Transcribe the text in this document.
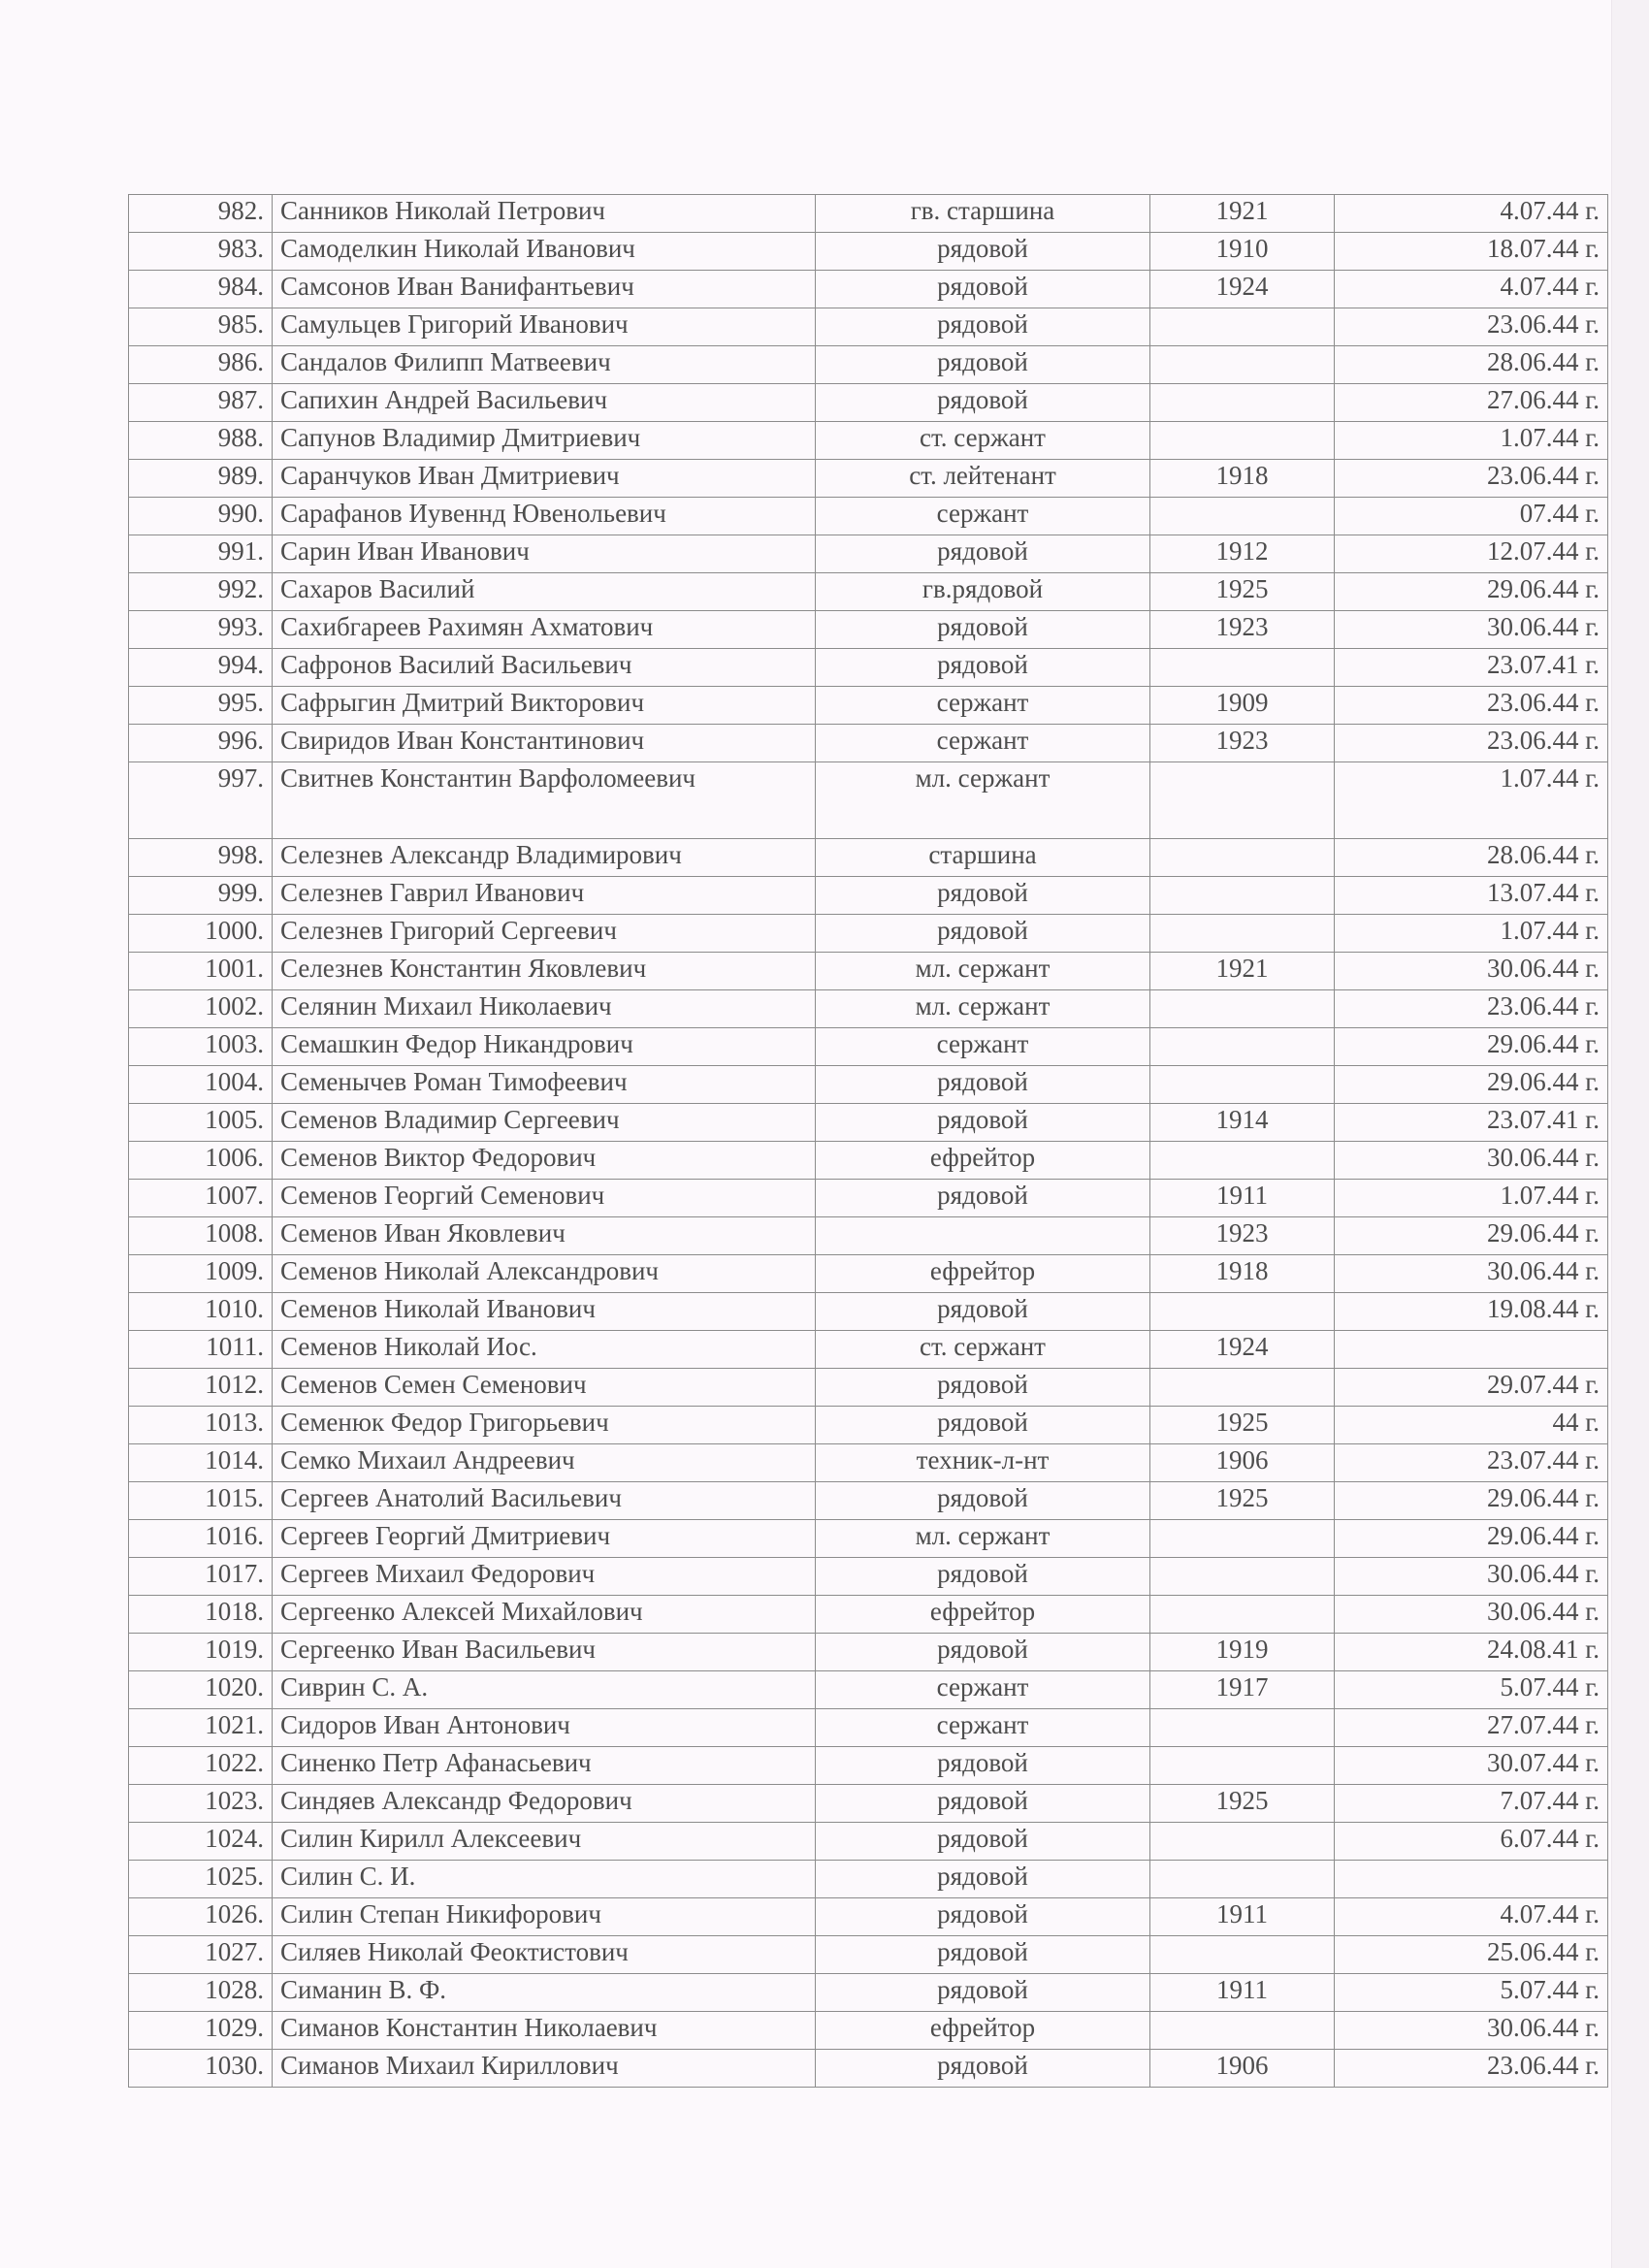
982.	Санников Николай Петрович	гв. старшина	1921	4.07.44 г.
983.	Самоделкин Николай Иванович	рядовой	1910	18.07.44 г.
984.	Самсонов Иван Ванифантьевич	рядовой	1924	4.07.44 г.
985.	Самульцев Григорий Иванович	рядовой		23.06.44 г.
986.	Сандалов Филипп Матвеевич	рядовой		28.06.44 г.
987.	Сапихин Андрей Васильевич	рядовой		27.06.44 г.
988.	Сапунов Владимир Дмитриевич	ст. сержант		1.07.44 г.
989.	Саранчуков Иван Дмитриевич	ст. лейтенант	1918	23.06.44 г.
990.	Сарафанов Иувеннд Ювенольевич	сержант		07.44 г.
991.	Сарин Иван Иванович	рядовой	1912	12.07.44 г.
992.	Сахаров Василий	гв.рядовой	1925	29.06.44 г.
993.	Сахибгареев Рахимян Ахматович	рядовой	1923	30.06.44 г.
994.	Сафронов Василий Васильевич	рядовой		23.07.41 г.
995.	Сафрыгин Дмитрий Викторович	сержант	1909	23.06.44 г.
996.	Свиридов Иван Константинович	сержант	1923	23.06.44 г.
997.	Свитнев Константин Варфоломеевич	мл. сержант		1.07.44 г.
998.	Селезнев Александр Владимирович	старшина		28.06.44 г.
999.	Селезнев Гаврил Иванович	рядовой		13.07.44 г.
1000.	Селезнев Григорий Сергеевич	рядовой		1.07.44 г.
1001.	Селезнев Константин Яковлевич	мл. сержант	1921	30.06.44 г.
1002.	Селянин Михаил Николаевич	мл. сержант		23.06.44 г.
1003.	Семашкин Федор Никандрович	сержант		29.06.44 г.
1004.	Семенычев Роман Тимофеевич	рядовой		29.06.44 г.
1005.	Семенов Владимир Сергеевич	рядовой	1914	23.07.41 г.
1006.	Семенов Виктор Федорович	ефрейтор		30.06.44 г.
1007.	Семенов Георгий Семенович	рядовой	1911	1.07.44 г.
1008.	Семенов Иван Яковлевич		1923	29.06.44 г.
1009.	Семенов Николай Александрович	ефрейтор	1918	30.06.44 г.
1010.	Семенов Николай Иванович	рядовой		19.08.44 г.
1011.	Семенов Николай Иос.	ст. сержант	1924	
1012.	Семенов Семен Семенович	рядовой		29.07.44 г.
1013.	Семенюк Федор Григорьевич	рядовой	1925	44 г.
1014.	Семко Михаил Андреевич	техник-л-нт	1906	23.07.44 г.
1015.	Сергеев Анатолий Васильевич	рядовой	1925	29.06.44 г.
1016.	Сергеев Георгий Дмитриевич	мл. сержант		29.06.44 г.
1017.	Сергеев Михаил Федорович	рядовой		30.06.44 г.
1018.	Сергеенко Алексей Михайлович	ефрейтор		30.06.44 г.
1019.	Сергеенко Иван Васильевич	рядовой	1919	24.08.41 г.
1020.	Сиврин С. А.	сержант	1917	5.07.44 г.
1021.	Сидоров Иван Антонович	сержант		27.07.44 г.
1022.	Синенко Петр Афанасьевич	рядовой		30.07.44 г.
1023.	Синдяев Александр Федорович	рядовой	1925	7.07.44 г.
1024.	Силин Кирилл Алексеевич	рядовой		6.07.44 г.
1025.	Силин С. И.	рядовой		
1026.	Силин Степан Никифорович	рядовой	1911	4.07.44 г.
1027.	Силяев Николай Феоктистович	рядовой		25.06.44 г.
1028.	Симанин В. Ф.	рядовой	1911	5.07.44 г.
1029.	Симанов Константин Николаевич	ефрейтор		30.06.44 г.
1030.	Симанов Михаил Кириллович	рядовой	1906	23.06.44 г.
